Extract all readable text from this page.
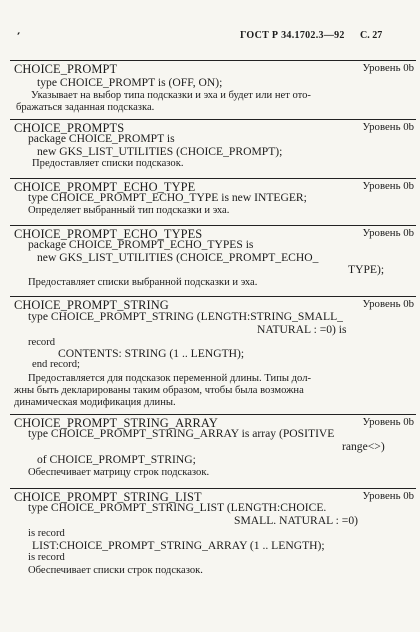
΄	ГОСТ Р 34.1702.3—92 С. 27
CHOICE_PROMPT	Уровень 0b
type CHOICE_PROMPT is (OFF, ON);
Указывает на выбор типа подсказки и эха и будет или нет ото-
бражаться заданная подсказка.
CHOICE_PROMPTS	Уровень 0b
package CHOICE_PROMPT is
new GKS_LIST_UTILITIES (CHOICE_PROMPT);
Предоставляет списки подсказок.
CHOICE_PROMPT_ECHO_TYPE	Уровень 0b
type CHOICE_PROMPT_ECHO_TYPE is new INTEGER;
Определяет выбранный тип подсказки и эха.
CHOICE_PROMPT_ECHO_TYPES	Уровень 0b
package CHOICE_PROMPT_ECHO_TYPES is
new GKS_LIST_UTILITIES (CHOICE_PROMPT_ECHO_
TYPE);
Предоставляет списки выбранной подсказки и эха.
CHOICE_PROMPT_STRING	Уровень 0b
type CHOICE_PROMPT_STRING (LENGTH:STRING_SMALL_
NATURAL : =0) is
record
CONTENTS: STRING (1 .. LENGTH);
end record;
Предоставляется для подсказок переменной длины. Типы дол-
жны быть декларированы таким образом, чтобы была возможна
динамическая модификация длины.
CHOICE_PROMPT_STRING_ARRAY	Уровень 0b
type CHOICE_PROMPT_STRING_ARRAY is array (POSITIVE
range<>)
of CHOICE_PROMPT_STRING;
Обеспечивает матрицу строк подсказок.
CHOICE_PROMPT_STRING_LIST	Уровень 0b
type CHOICE_PROMPT_STRING_LIST (LENGTH:CHOICE.
SMALL. NATURAL : =0)
is record
LIST:CHOICE_PROMPT_STRING_ARRAY (1 .. LENGTH);
is record
Обеспечивает списки строк подсказок.
